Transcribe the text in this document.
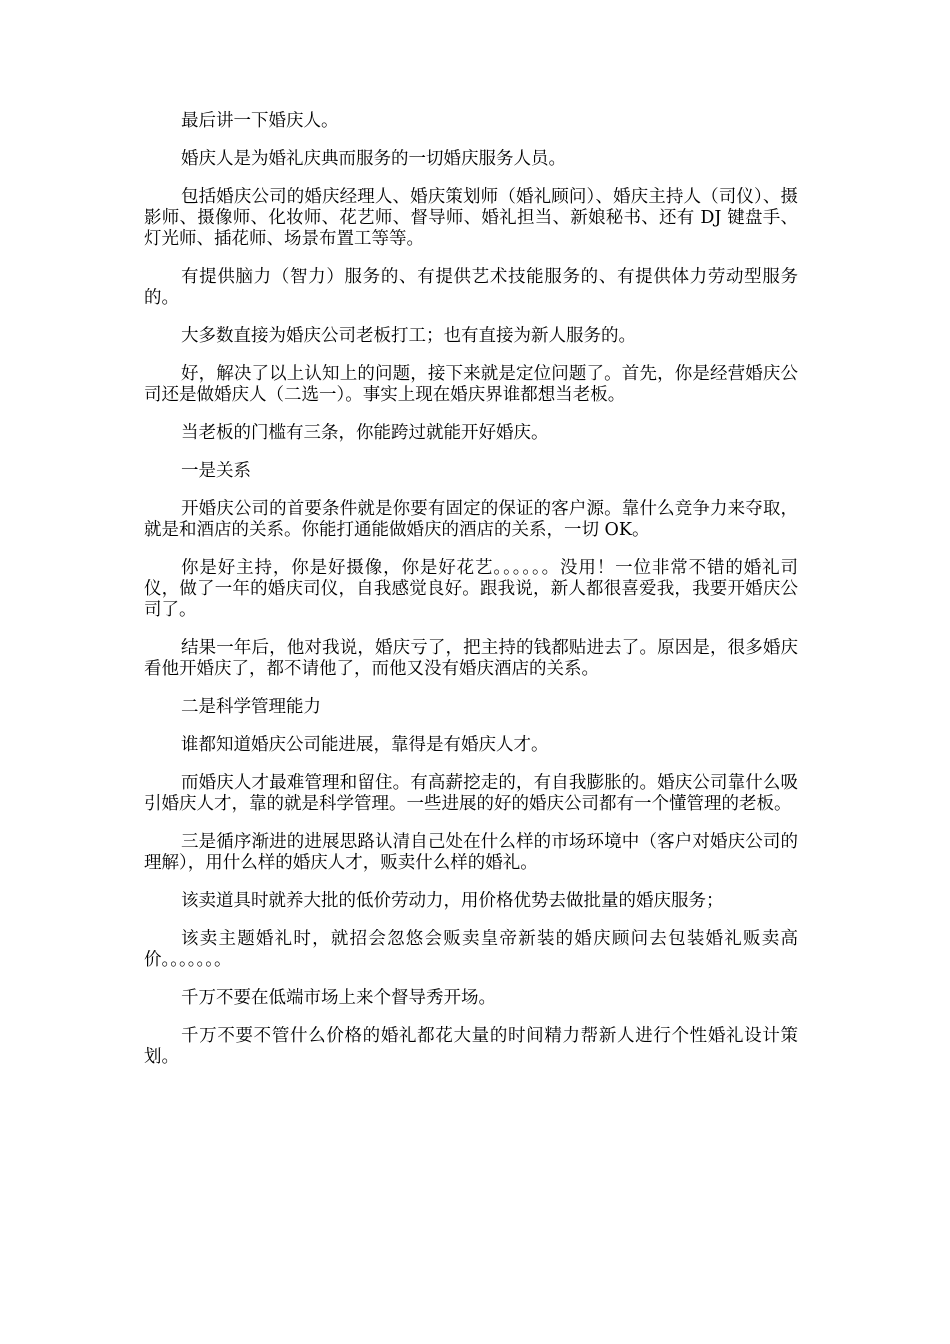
最后讲一下婚庆人。

婚庆人是为婚礼庆典而服务的一切婚庆服务人员。

包括婚庆公司的婚庆经理人、婚庆策划师（婚礼顾问）、婚庆主持人（司仪）、摄影师、摄像师、化妆师、花艺师、督导师、婚礼担当、新娘秘书、还有 DJ 键盘手、灯光师、插花师、场景布置工等等。

有提供脑力（智力）服务的、有提供艺术技能服务的、有提供体力劳动型服务的。

大多数直接为婚庆公司老板打工；也有直接为新人服务的。

好，解决了以上认知上的问题，接下来就是定位问题了。首先，你是经营婚庆公司还是做婚庆人（二选一）。事实上现在婚庆界谁都想当老板。

当老板的门槛有三条，你能跨过就能开好婚庆。

一是关系

开婚庆公司的首要条件就是你要有固定的保证的客户源。靠什么竞争力来夺取，就是和酒店的关系。你能打通能做婚庆的酒店的关系，一切 OK。

你是好主持，你是好摄像，你是好花艺。。。。。。没用！一位非常不错的婚礼司仪，做了一年的婚庆司仪，自我感觉良好。跟我说，新人都很喜爱我，我要开婚庆公司了。

结果一年后，他对我说，婚庆亏了，把主持的钱都贴进去了。原因是，很多婚庆看他开婚庆了，都不请他了，而他又没有婚庆酒店的关系。

二是科学管理能力

谁都知道婚庆公司能进展，靠得是有婚庆人才。

而婚庆人才最难管理和留住。有高薪挖走的，有自我膨胀的。婚庆公司靠什么吸引婚庆人才，靠的就是科学管理。一些进展的好的婚庆公司都有一个懂管理的老板。

三是循序渐进的进展思路认清自己处在什么样的市场环境中（客户对婚庆公司的理解），用什么样的婚庆人才，贩卖什么样的婚礼。

该卖道具时就养大批的低价劳动力，用价格优势去做批量的婚庆服务；

该卖主题婚礼时，就招会忽悠会贩卖皇帝新装的婚庆顾问去包装婚礼贩卖高价。。。。。。。

千万不要在低端市场上来个督导秀开场。

千万不要不管什么价格的婚礼都花大量的时间精力帮新人进行个性婚礼设计策划。
